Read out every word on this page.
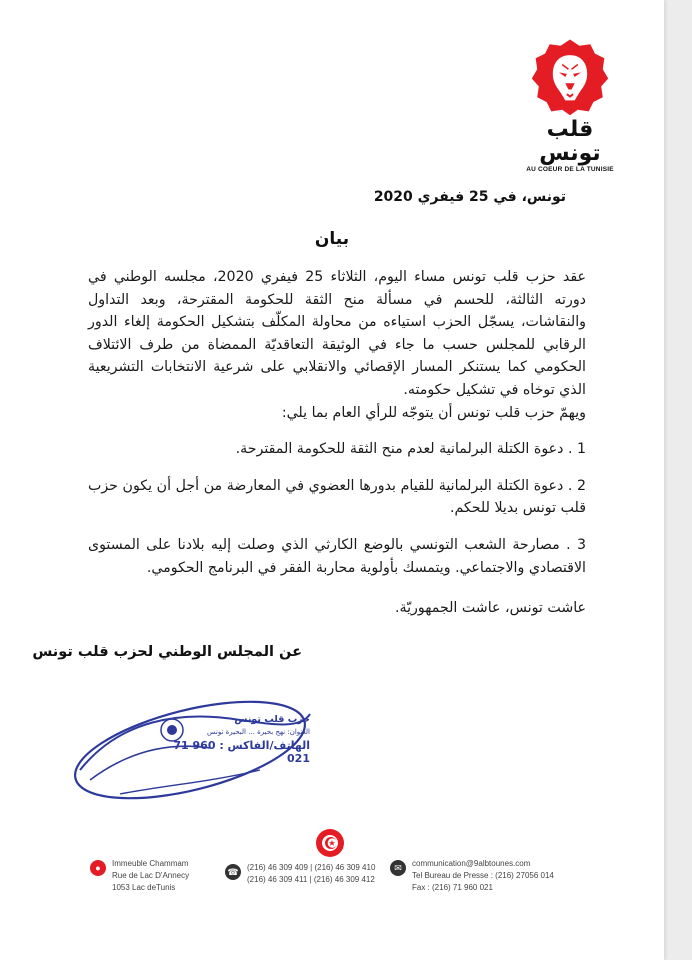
قلب تونس
AU COEUR DE LA TUNISIE
تونس، في 25 فيفري 2020
بيان

عقد حزب قلب تونس مساء اليوم، الثلاثاء 25 فيفري 2020، مجلسه الوطني في دورته الثالثة، للحسم في مسألة منح الثقة للحكومة المقترحة، وبعد التداول والنقاشات، يسجّل الحزب استياءه من محاولة المكلّف بتشكيل الحكومة إلغاء الدور الرقابي للمجلس حسب ما جاء في الوثيقة التعاقديّة الممضاة من طرف الائتلاف الحكومي كما يستنكر المسار الإقصائي والانقلابي على شرعية الانتخابات التشريعية الذي توخاه في تشكيل حكومته.

ويهمّ حزب قلب تونس أن يتوجّه للرأي العام بما يلي:

1 . دعوة الكتلة البرلمانية لعدم منح الثقة للحكومة المقترحة.

2 . دعوة الكتلة البرلمانية للقيام بدورها العضوي في المعارضة من أجل أن يكون حزب قلب تونس بديلا للحكم.

3 . مصارحة الشعب التونسي بالوضع الكارثي الذي وصلت إليه بلادنا على المستوى الاقتصادي والاجتماعي. ويتمسك بأولوية محاربة الفقر في البرنامج الحكومي.

عاشت تونس، عاشت الجمهوريّة.

عن المجلس الوطني لحزب قلب تونس
حزب قلب تونس
العنوان: نهج بحيرة ... البحيرة تونس
الهاتف/الفاكس : 71 960 021
●	Immeuble Chammam
Rue de Lac D'Annecy
1053 Lac deTunis
☎ (216) 46 309 409 | (216) 46 309 410
(216) 46 309 411 | (216) 46 309 412
✉	communication@9albtounes.com
Tel Bureau de Presse : (216) 27056 014
Fax : (216) 71 960 021
